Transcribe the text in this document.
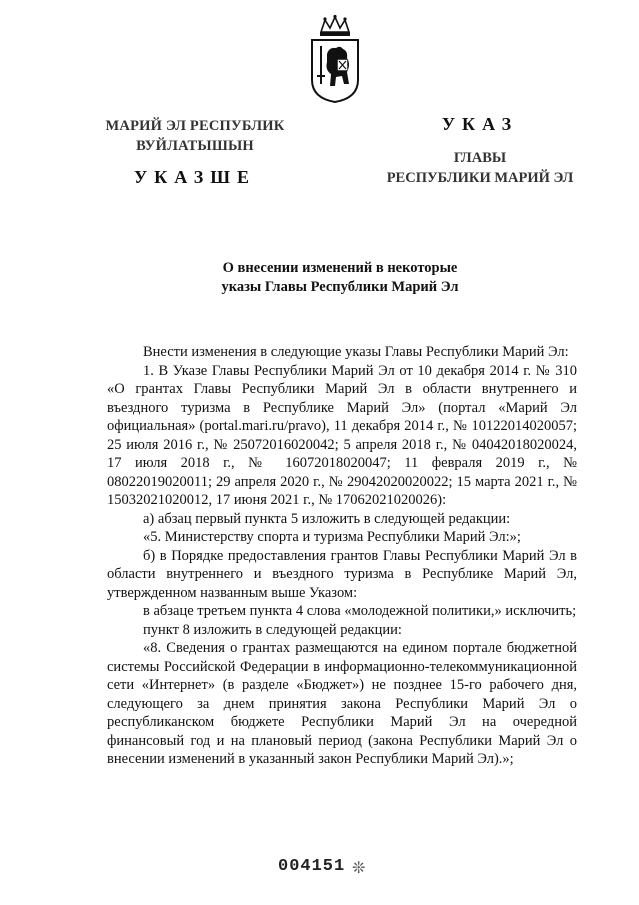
МАРИЙ ЭЛ РЕСПУБЛИК
ВУЙЛАТЫШЫН
УКАЗШЕ
УКАЗ
ГЛАВЫ
РЕСПУБЛИКИ МАРИЙ ЭЛ
О внесении изменений в некоторые
указы Главы Республики Марий Эл

Внести изменения в следующие указы Главы Республики Марий Эл:

1. В Указе Главы Республики Марий Эл от 10 декабря 2014 г. № 310 «О грантах Главы Республики Марий Эл в области внутреннего и въездного туризма в Республике Марий Эл» (портал «Марий Эл официальная» (portal.mari.ru/pravo), 11 декабря 2014 г., № 10122014020057; 25 июля 2016 г., № 25072016020042; 5 апреля 2018 г., № 04042018020024, 17 июля 2018 г., № 16072018020047; 11 февраля 2019 г., № 08022019020011; 29 апреля 2020 г., № 29042020020022; 15 марта 2021 г., № 15032021020012, 17 июня 2021 г., № 17062021020026):

а) абзац первый пункта 5 изложить в следующей редакции:

«5. Министерству спорта и туризма Республики Марий Эл:»;

б) в Порядке предоставления грантов Главы Республики Марий Эл в области внутреннего и въездного туризма в Республике Марий Эл, утвержденном названным выше Указом:

в абзаце третьем пункта 4 слова «молодежной политики,» исключить;

пункт 8 изложить в следующей редакции:

«8. Сведения о грантах размещаются на едином портале бюджетной системы Российской Федерации в информационно-телекоммуникационной сети «Интернет» (в разделе «Бюджет») не позднее 15-го рабочего дня, следующего за днем принятия закона Республики Марий Эл о республиканском бюджете Республики Марий Эл на очередной финансовый год и на плановый период (закона Республики Марий Эл о внесении изменений в указанный закон Республики Марий Эл).»;

004151 ❊
